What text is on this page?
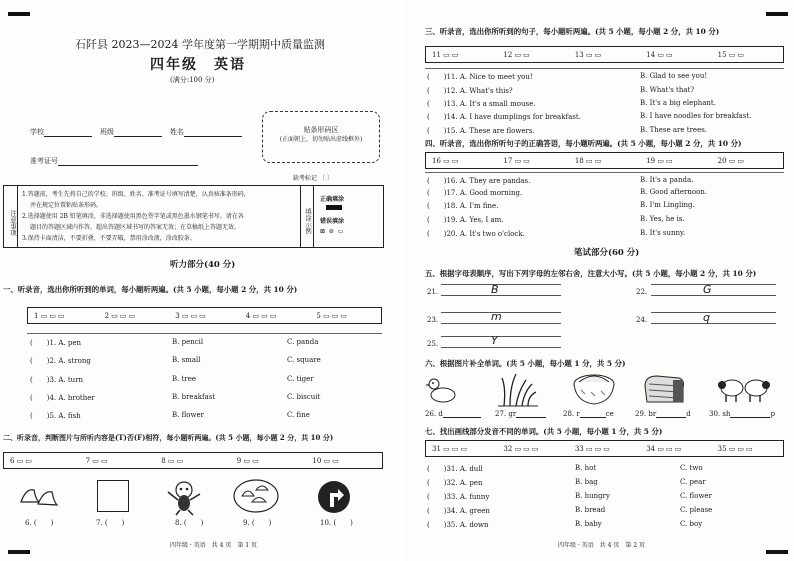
石阡县 2023—2024 学年度第一学期期中质量监测
四年级　英语
(满分:100 分)
学校	班级	姓名
准考证号
贴条形码区
(正面朝上，切勿贴出虚线框外)
缺考标记 〔 〕
注意事项
1.答题前，考生先将自己的学校、班级、姓名、准考证号填写清楚，认真核准条形码，
并在规定位置粘贴条形码。
2.选择题使用 2B 铅笔填涂，非选择题使用黑色签字笔或黑色墨水钢笔书写。请在各
题目的答题区域内作答，超出答题区域书写的答案无效；在草稿纸上答题无效。
3.保持卡面清洁，不要折叠，不要弄破，禁用涂改液，涂改胶条。
填涂示例
正确填涂
错误填涂
⊠ ⊘ ▭
听力部分(40 分)
一、听录音，选出你所听到的单词，每小题听两遍。(共 5 小题，每小题 2 分，共 10 分)
1 ▭▭▭	2 ▭▭▭	3 ▭▭▭	4 ▭▭▭	5 ▭▭▭
(　　)1. A. pen	B. pencil	C. panda
(　　)2. A. strong	B. small	C. square
(　　)3. A. turn	B. tree	C. tiger
(　　)4. A. brother	B. breakfast	C. biscuit
(　　)5. A. fish	B. flower	C. fine
二、听录音，判断图片与所听内容是(T)否(F)相符，每小题听两遍。(共 5 小题，每小题 2 分，共 10 分)
6 ▭▭	7 ▭▭	8 ▭▭	9 ▭▭	10 ▭▭
6. (　　)	7. (　　)	8. (　　)	9. (　　)	10. (　　)
四年级 · 英语　共 4 页　第 1 页
三、听录音，选出你所听到的句子，每小题听两遍。(共 5 小题，每小题 2 分，共 10 分)
11 ▭▭	12 ▭▭	13 ▭▭	14 ▭▭	15 ▭▭
(　　)11. A. Nice to meet you!	B. Glad to see you!
(　　)12. A. What's this?	B. What's that?
(　　)13. A. It's a small mouse.	B. It's a big elephant.
(　　)14. A. I have dumplings for breakfast.	B. I have noodles for breakfast.
(　　)15. A. These are flowers.	B. These are trees.
四、听录音，选出你所听句子的正确答语，每小题听两遍。(共 5 小题，每小题 2 分，共 10 分)
16 ▭▭	17 ▭▭	18 ▭▭	19 ▭▭	20 ▭▭
(　　)16. A. They are pandas.	B. It's a panda.
(　　)17. A. Good morning.	B. Good afternoon.
(　　)18. A. I'm fine.	B. I'm Lingling.
(　　)19. A. Yes, I am.	B. Yes, he is.
(　　)20. A. It's two o'clock.	B. It's sunny.
笔试部分(60 分)
五、根据字母表顺序，写出下列字母的左邻右舍，注意大小写。(共 5 小题，每小题 2 分，共 10 分)
21.	B	22.	G
23.	m	24.	q
25.	Y
六、根据图片补全单词。(共 5 小题，每小题 1 分，共 5 分)
26. d	27. gr	28. r	ce	29. br	d	30. sh	p
七、找出画线部分发音不同的单词。(共 5 小题，每小题 1 分，共 5 分)
31 ▭▭▭	32 ▭▭▭	33 ▭▭▭	34 ▭▭▭	35 ▭▭▭
(　　)31. A. dull	B. hot	C. two
(　　)32. A. pen	B. bag	C. pear
(　　)33. A. funny	B. hungry	C. flower
(　　)34. A. green	B. bread	C. please
(　　)35. A. down	B. baby	C. boy
四年级 · 英语　共 4 页　第 2 页
